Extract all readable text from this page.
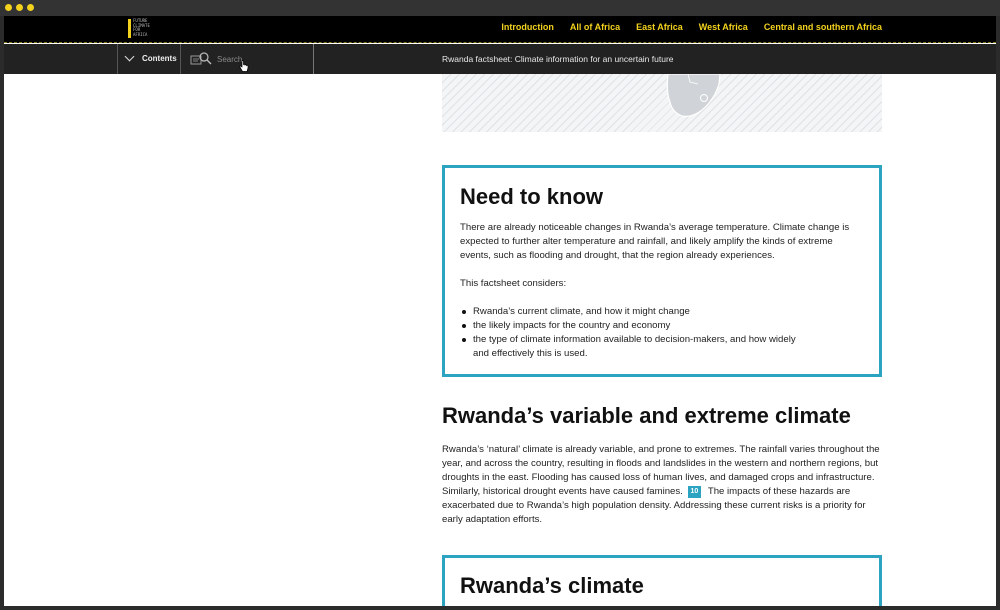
FUTURE
CLIMATE
FOR
AFRICA
Introduction All of Africa East Africa West Africa Central and southern Africa
Contents
Search	Rwanda factsheet: Climate information for an uncertain future
Need to know

There are already noticeable changes in Rwanda’s average temperature. Climate change is expected to further alter temperature and rainfall, and likely amplify the kinds of extreme events, such as flooding and drought, that the region already experiences.

This factsheet considers:

Rwanda’s current climate, and how it might change
the likely impacts for the country and economy
the type of climate information available to decision-makers, and how widely and effectively this is used.
Rwanda’s variable and extreme climate

Rwanda’s ‘natural’ climate is already variable, and prone to extremes. The rainfall varies throughout the year, and across the country, resulting in floods and landslides in the western and northern regions, but droughts in the east. Flooding has caused loss of human lives, and damaged crops and infrastructure. Similarly, historical drought events have caused famines. 10 The impacts of these hazards are exacerbated due to Rwanda’s high population density. Addressing these current risks is a priority for early adaptation efforts.

Rwanda’s climate
